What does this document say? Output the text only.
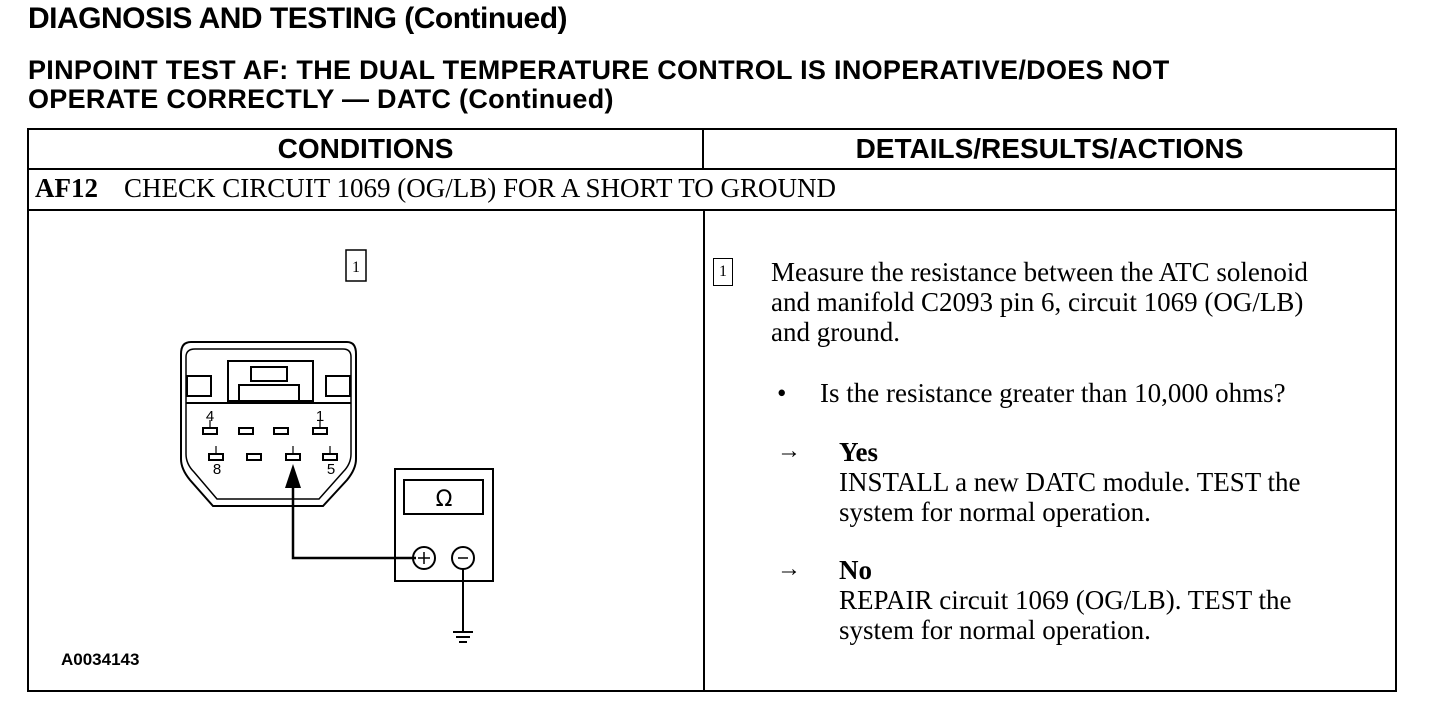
DIAGNOSIS AND TESTING (Continued)
PINPOINT TEST AF: THE DUAL TEMPERATURE CONTROL IS INOPERATIVE/DOES NOT
OPERATE CORRECTLY — DATC (Continued)
CONDITIONS	DETAILS/RESULTS/ACTIONS
AF12 CHECK CIRCUIT 1069 (OG/LB) FOR A SHORT TO GROUND
1
4	1
8	5
Ω
A0034143
1 Measure the resistance between the ATC solenoid
and manifold C2093 pin 6, circuit 1069 (OG/LB)
and ground.
• Is the resistance greater than 10,000 ohms?
→ Yes
INSTALL a new DATC module. TEST the
system for normal operation.
→ No
REPAIR circuit 1069 (OG/LB). TEST the
system for normal operation.
